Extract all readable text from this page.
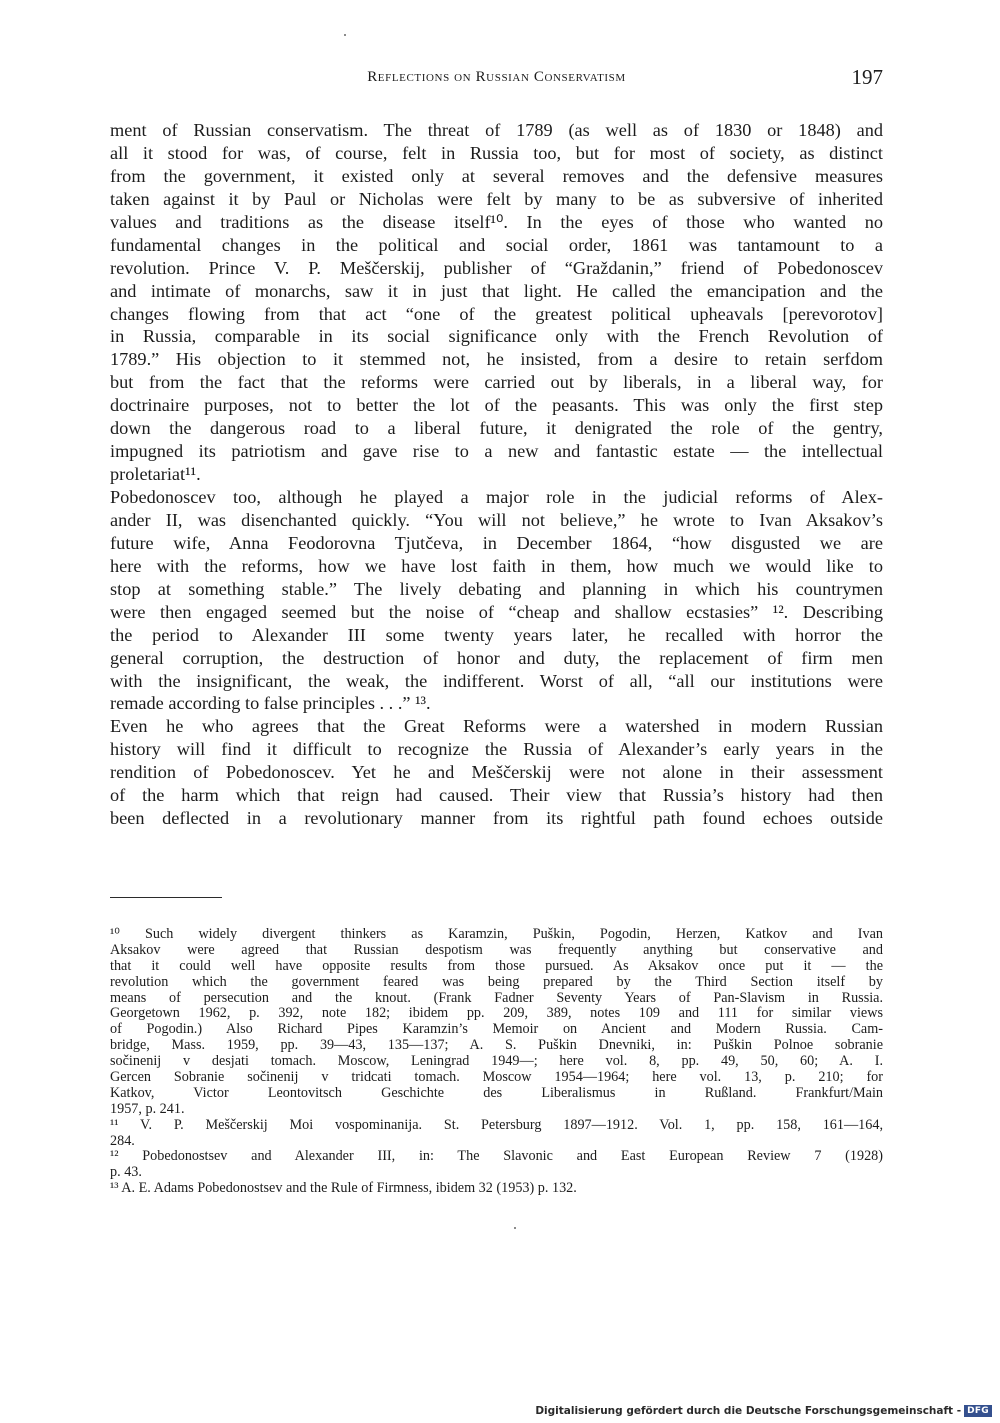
Reflections on Russian Conservatism	197
ment of Russian conservatism. The threat of 1789 (as well as of 1830 or 1848) and
all it stood for was, of course, felt in Russia too, but for most of society, as distinct
from the government, it existed only at several removes and the defensive measures
taken against it by Paul or Nicholas were felt by many to be as subversive of inherited
values and traditions as the disease itself¹⁰. In the eyes of those who wanted no
fundamental changes in the political and social order, 1861 was tantamount to a
revolution. Prince V. P. Meščerskij, publisher of “Graždanin,” friend of Pobedonoscev
and intimate of monarchs, saw it in just that light. He called the emancipation and the
changes flowing from that act “one of the greatest political upheavals [perevorotov]
in Russia, comparable in its social significance only with the French Revolution of
1789.” His objection to it stemmed not, he insisted, from a desire to retain serfdom
but from the fact that the reforms were carried out by liberals, in a liberal way, for
doctrinaire purposes, not to better the lot of the peasants. This was only the first step
down the dangerous road to a liberal future, it denigrated the role of the gentry,
impugned its patriotism and gave rise to a new and fantastic estate — the intellectual
proletariat¹¹.
Pobedonoscev too, although he played a major role in the judicial reforms of Alex-
ander II, was disenchanted quickly. “You will not believe,” he wrote to Ivan Aksakov’s
future wife, Anna Feodorovna Tjutčeva, in December 1864, “how disgusted we are
here with the reforms, how we have lost faith in them, how much we would like to
stop at something stable.” The lively debating and planning in which his countrymen
were then engaged seemed but the noise of “cheap and shallow ecstasies” ¹². Describing
the period to Alexander III some twenty years later, he recalled with horror the
general corruption, the destruction of honor and duty, the replacement of firm men
with the insignificant, the weak, the indifferent. Worst of all, “all our institutions were
remade according to false principles . . .” ¹³.
Even he who agrees that the Great Reforms were a watershed in modern Russian
history will find it difficult to recognize the Russia of Alexander’s early years in the
rendition of Pobedonoscev. Yet he and Meščerskij were not alone in their assessment
of the harm which that reign had caused. Their view that Russia’s history had then
been deflected in a revolutionary manner from its rightful path found echoes outside
¹⁰ Such widely divergent thinkers as Karamzin, Puškin, Pogodin, Herzen, Katkov and Ivan
Aksakov were agreed that Russian despotism was frequently anything but conservative and
that it could well have opposite results from those pursued. As Aksakov once put it — the
revolution which the government feared was being prepared by the Third Section itself by
means of persecution and the knout. (Frank Fadner Seventy Years of Pan-Slavism in Russia.
Georgetown 1962, p. 392, note 182; ibidem pp. 209, 389, notes 109 and 111 for similar views
of Pogodin.) Also Richard Pipes Karamzin’s Memoir on Ancient and Modern Russia. Cam-
bridge, Mass. 1959, pp. 39—43, 135—137; A. S. Puškin Dnevniki, in: Puškin Polnoe sobranie
sočinenij v desjati tomach. Moscow, Leningrad 1949—; here vol. 8, pp. 49, 50, 60; A. I.
Gercen Sobranie sočinenij v tridcati tomach. Moscow 1954—1964; here vol. 13, p. 210; for
Katkov, Victor Leontovitsch Geschichte des Liberalismus in Rußland. Frankfurt/Main
1957, p. 241.
¹¹ V. P. Meščerskij Moi vospominanija. St. Petersburg 1897—1912. Vol. 1, pp. 158, 161—164,
284.
¹² Pobedonostsev and Alexander III, in: The Slavonic and East European Review 7 (1928)
p. 43.
¹³ A. E. Adams Pobedonostsev and the Rule of Firmness, ibidem 32 (1953) p. 132.
Digitalisierung gefördert durch die Deutsche Forschungsgemeinschaft - DFG
